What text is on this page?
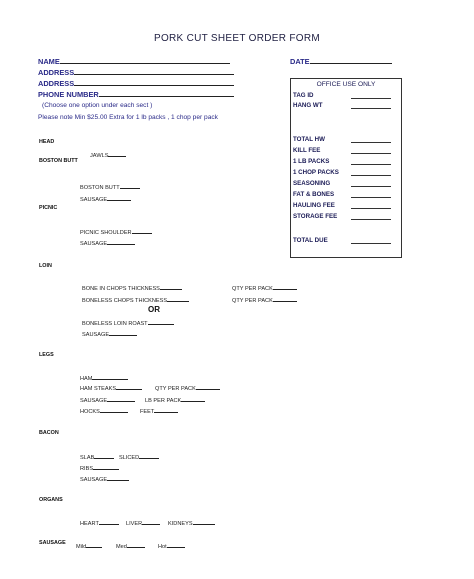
PORK CUT SHEET ORDER FORM
NAME	DATE
ADDRESS
ADDRESS
PHONE NUMBER
(Choose one option under each sect )
Please note Min $25.00 Extra for 1 lb packs , 1 chop per pack
OFFICE USE ONLY
TAG ID
HANG WT
TOTAL HW
KILL FEE
1 LB PACKS
1 CHOP PACKS
SEASONING
FAT & BONES
HAULING FEE
STORAGE FEE
TOTAL DUE
HEAD
JAWLS
BOSTON BUTT
BOSTON BUTT
SAUSAGE
PICNIC
PICNIC SHOULDER
SAUSAGE
LOIN
BONE IN CHOPS THICKNESS	QTY PER PACK
BONELESS CHOPS THICKNESS	QTY PER PACK
OR
BONELESS LOIN ROAST
SAUSAGE
LEGS
HAM
HAM STEAKS	QTY PER PACK
SAUSAGE	LB PER PACK
HOCKS	FEET
BACON
SLAB	SLICED
RIBS
SAUSAGE
ORGANS
HEART	LIVER	KIDNEYS
SAUSAGE
Mild	Med	Hot
